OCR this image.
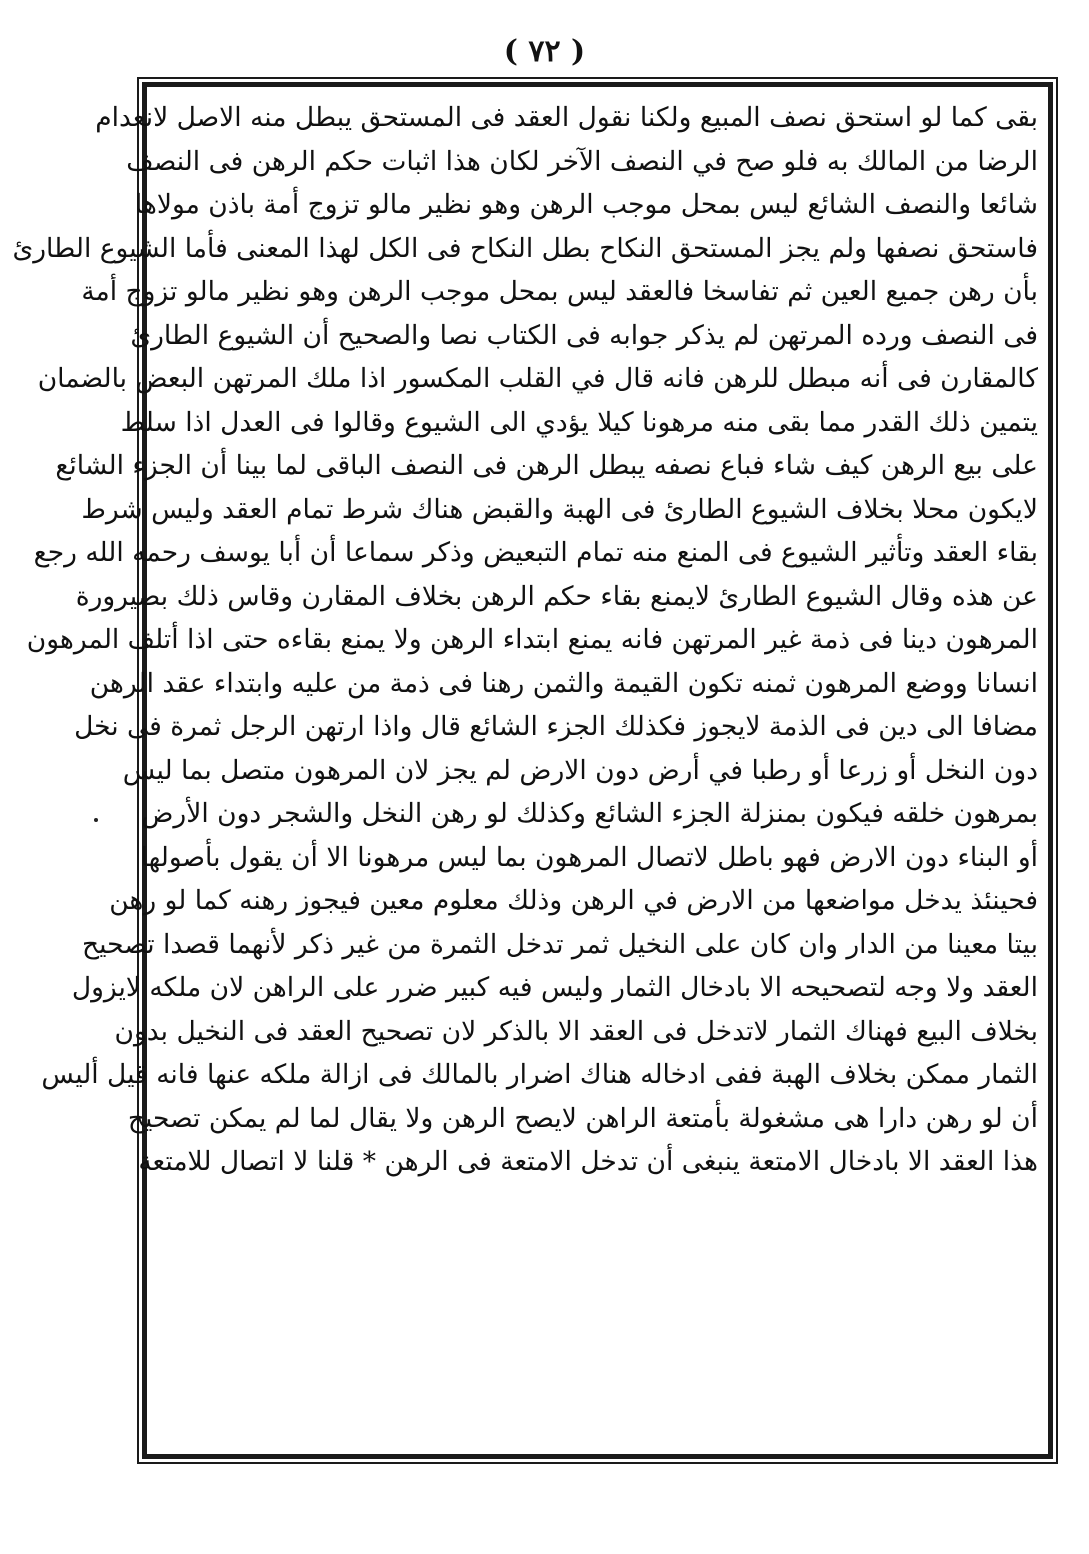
( ٧٢ )
بقى كما لو استحق نصف المبيع ولكنا نقول العقد فى المستحق يبطل منه الاصل لانعدام
الرضا من المالك به فلو صح في النصف الآخر لكان هذا اثبات حكم الرهن فى النصف
شائعا والنصف الشائع ليس بمحل موجب الرهن وهو نظير مالو تزوج أمة باذن مولاها
فاستحق نصفها ولم يجز المستحق النكاح بطل النكاح فى الكل لهذا المعنى فأما الشيوع الطارئ
بأن رهن جميع العين ثم تفاسخا فالعقد ليس بمحل موجب الرهن وهو نظير مالو تزوج أمة
فى النصف ورده المرتهن لم يذكر جوابه فى الكتاب نصا والصحيح أن الشيوع الطارئ
كالمقارن فى أنه مبطل للرهن فانه قال في القلب المكسور اذا ملك المرتهن البعض بالضمان
يتمين ذلك القدر مما بقى منه مرهونا كيلا يؤدي الى الشيوع وقالوا فى العدل اذا سلط
على بيع الرهن كيف شاء فباع نصفه يبطل الرهن فى النصف الباقى لما بينا أن الجزء الشائع
لايكون محلا بخلاف الشيوع الطارئ فى الهبة والقبض هناك شرط تمام العقد وليس شرط
بقاء العقد وتأثير الشيوع فى المنع منه تمام التبعيض وذكر سماعا أن أبا يوسف رحمه الله رجع
عن هذه وقال الشيوع الطارئ لايمنع بقاء حكم الرهن بخلاف المقارن وقاس ذلك بصيرورة
المرهون دينا فى ذمة غير المرتهن فانه يمنع ابتداء الرهن ولا يمنع بقاءه حتى اذا أتلف المرهون
انسانا ووضع المرهون ثمنه تكون القيمة والثمن رهنا فى ذمة من عليه وابتداء عقد الرهن
مضافا الى دين فى الذمة لايجوز فكذلك الجزء الشائع قال واذا ارتهن الرجل ثمرة فى نخل
دون النخل أو زرعا أو رطبا في أرض دون الارض لم يجز لان المرهون متصل بما ليس
بمرهون خلقه فيكون بمنزلة الجزء الشائع وكذلك لو رهن النخل والشجر دون الأرض
أو البناء دون الارض فهو باطل لاتصال المرهون بما ليس مرهونا الا أن يقول بأصولها
فحينئذ يدخل مواضعها من الارض في الرهن وذلك معلوم معين فيجوز رهنه كما لو رهن
بيتا معينا من الدار وان كان على النخيل ثمر تدخل الثمرة من غير ذكر لأنهما قصدا تصحيح
العقد ولا وجه لتصحيحه الا بادخال الثمار وليس فيه كبير ضرر على الراهن لان ملكه لايزول
بخلاف البيع فهناك الثمار لاتدخل فى العقد الا بالذكر لان تصحيح العقد فى النخيل بدون
الثمار ممكن بخلاف الهبة ففى ادخاله هناك اضرار بالمالك فى ازالة ملكه عنها فانه قيل أليس
أن لو رهن دارا هى مشغولة بأمتعة الراهن لايصح الرهن ولا يقال لما لم يمكن تصحيح
هذا العقد الا بادخال الامتعة ينبغى أن تدخل الامتعة فى الرهن * قلنا لا اتصال للامتعة
